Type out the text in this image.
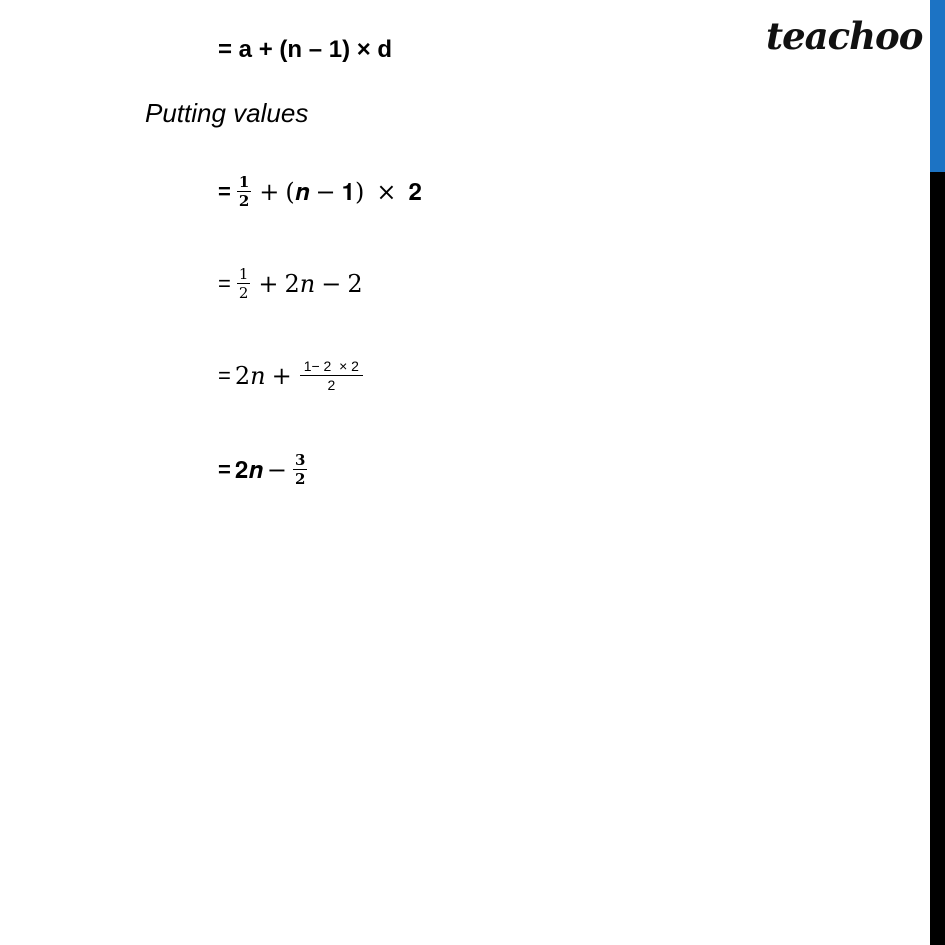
teachoo
= a + (n – 1) × d
Putting values
= $\frac{1}{2}$ + ( 𝒏 − 𝟏 ) × 𝟐
= $\frac{1}{2}$ + 2𝑛 − 2
= 2𝑛 + $\frac{1- 2 \times 2}{2}$
= 𝟐𝒏 − $\frac{3}{2}$
